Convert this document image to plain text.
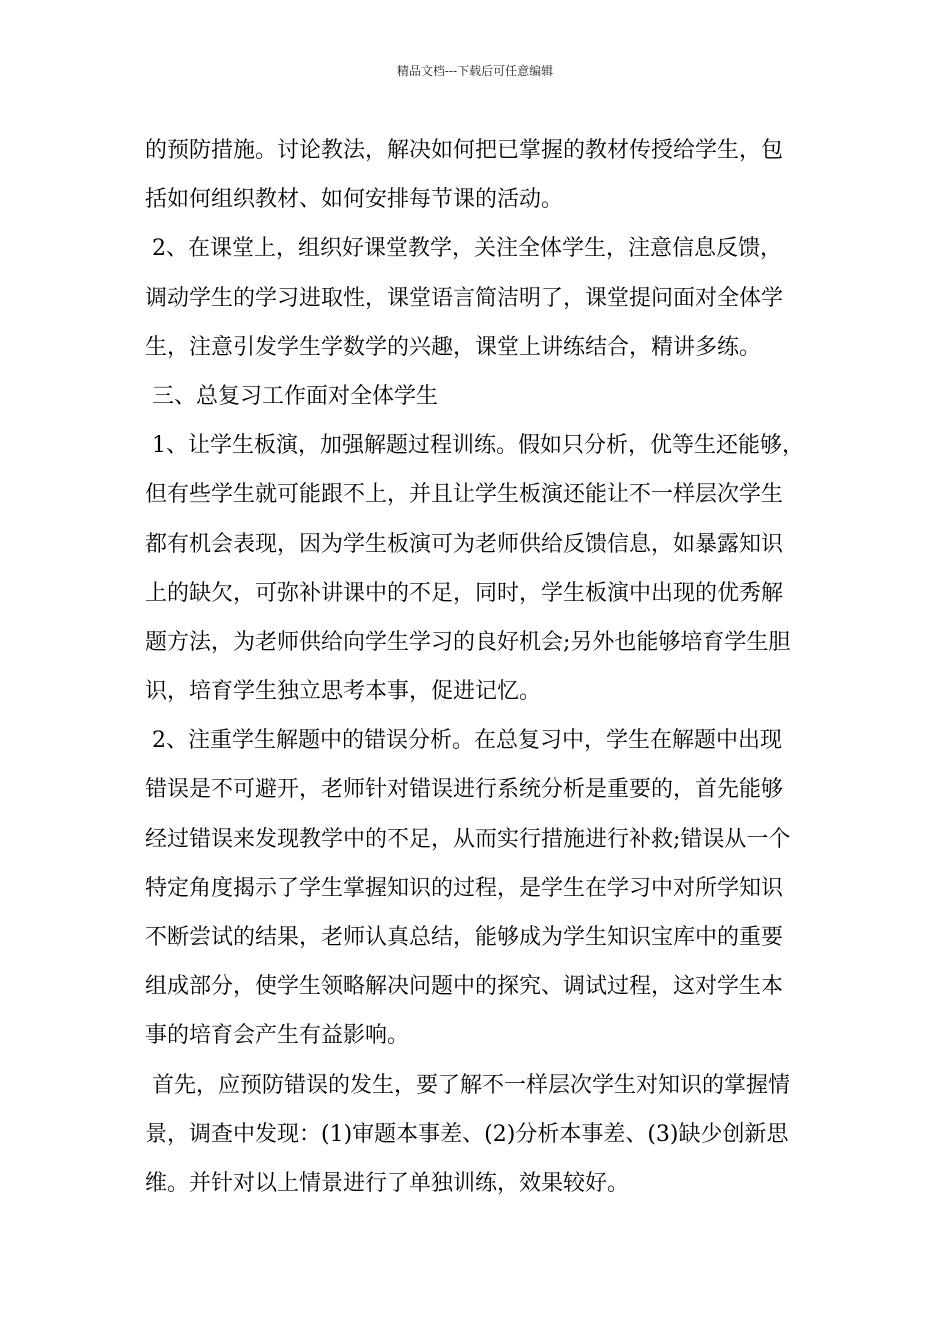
精品文档---下载后可任意编辑
的预防措施。讨论教法，解决如何把已掌握的教材传授给学生，包
括如何组织教材、如何安排每节课的活动。
2、在课堂上，组织好课堂教学，关注全体学生，注意信息反馈，
调动学生的学习进取性，课堂语言简洁明了，课堂提问面对全体学
生，注意引发学生学数学的兴趣，课堂上讲练结合，精讲多练。
三、总复习工作面对全体学生
1、让学生板演，加强解题过程训练。假如只分析，优等生还能够，
但有些学生就可能跟不上，并且让学生板演还能让不一样层次学生
都有机会表现，因为学生板演可为老师供给反馈信息，如暴露知识
上的缺欠，可弥补讲课中的不足，同时，学生板演中出现的优秀解
题方法，为老师供给向学生学习的良好机会;另外也能够培育学生胆
识，培育学生独立思考本事，促进记忆。
2、注重学生解题中的错误分析。在总复习中，学生在解题中出现
错误是不可避开，老师针对错误进行系统分析是重要的，首先能够
经过错误来发现教学中的不足，从而实行措施进行补救;错误从一个
特定角度揭示了学生掌握知识的过程，是学生在学习中对所学知识
不断尝试的结果，老师认真总结，能够成为学生知识宝库中的重要
组成部分，使学生领略解决问题中的探究、调试过程，这对学生本
事的培育会产生有益影响。
首先，应预防错误的发生，要了解不一样层次学生对知识的掌握情
景，调查中发现：(1)审题本事差、(2)分析本事差、(3)缺少创新思
维。并针对以上情景进行了单独训练，效果较好。
